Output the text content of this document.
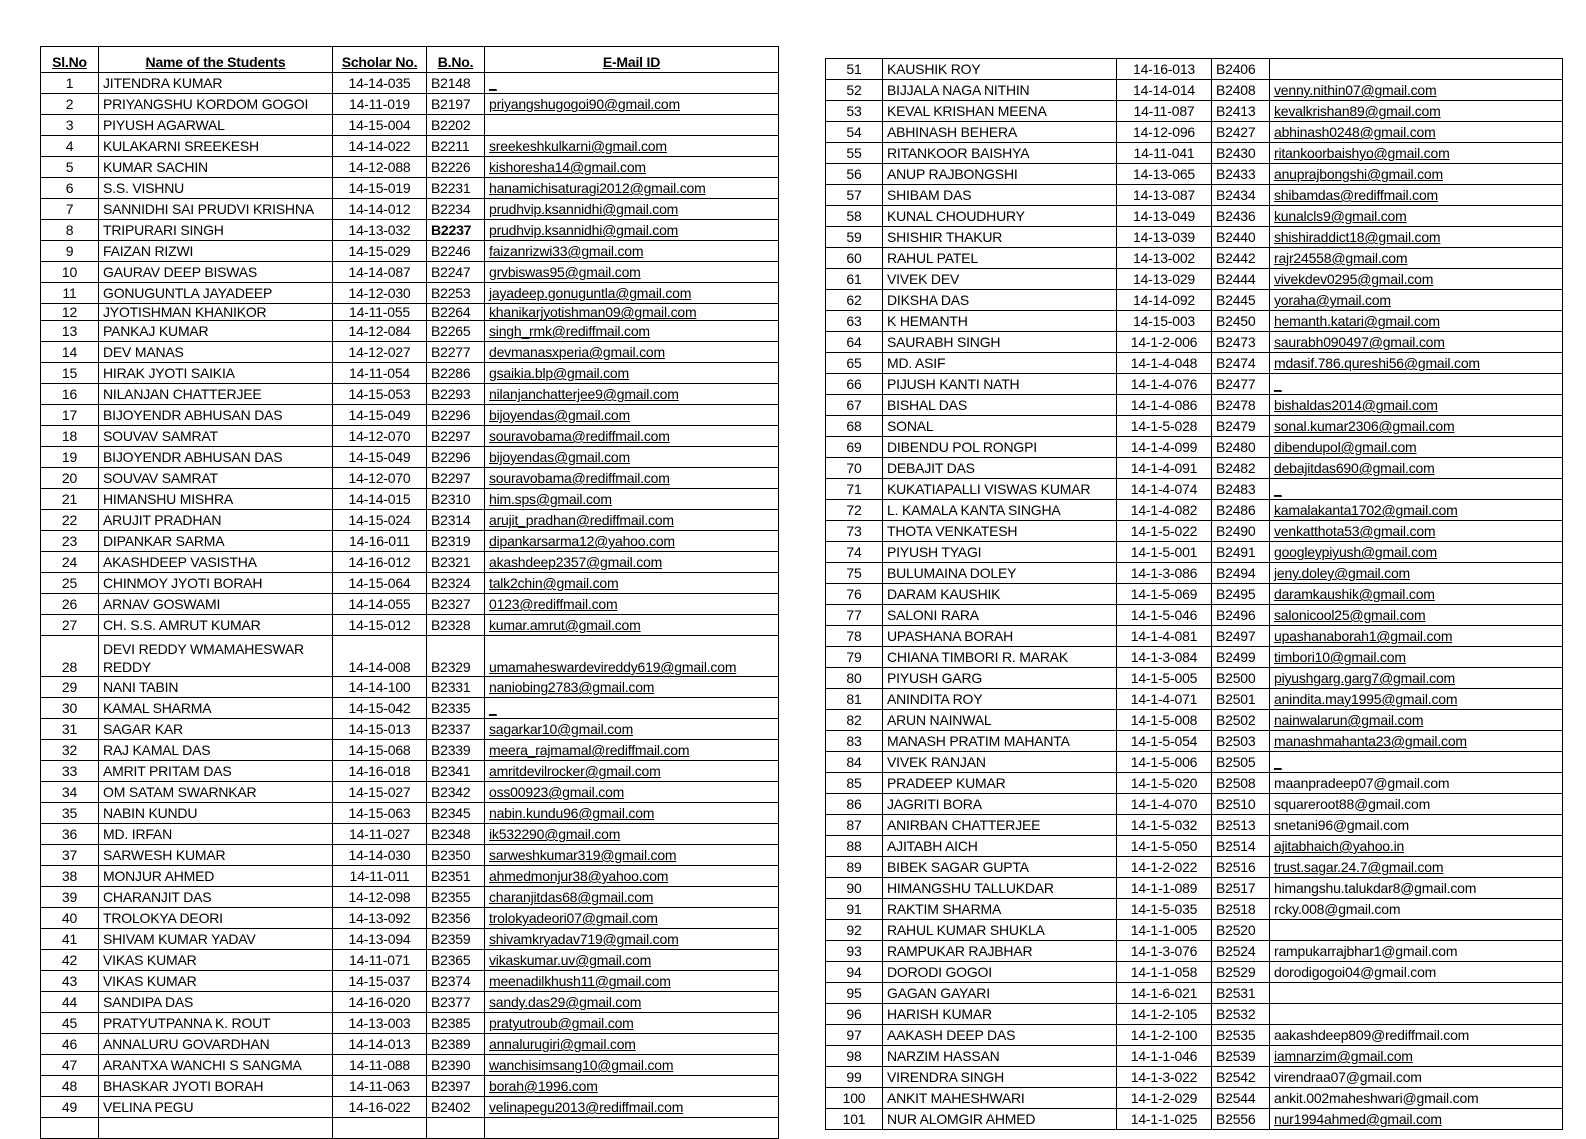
Sl.No	Name of the Students	Scholar No.	B.No.	E-Mail ID
1	JITENDRA KUMAR	14-14-035	B2148	_
2	PRIYANGSHU KORDOM GOGOI	14-11-019	B2197	priyangshugogoi90@gmail.com
3	PIYUSH AGARWAL	14-15-004	B2202	
4	KULAKARNI SREEKESH	14-14-022	B2211	sreekeshkulkarni@gmail.com
5	KUMAR SACHIN	14-12-088	B2226	kishoresha14@gmail.com
6	S.S. VISHNU	14-15-019	B2231	hanamichisaturagi2012@gmail.com
7	SANNIDHI SAI PRUDVI KRISHNA	14-14-012	B2234	prudhvip.ksannidhi@gmail.com
8	TRIPURARI SINGH	14-13-032	B2237	prudhvip.ksannidhi@gmail.com
9	FAIZAN RIZWI	14-15-029	B2246	faizanrizwi33@gmail.com
10	GAURAV DEEP BISWAS	14-14-087	B2247	grvbiswas95@gmail.com
11	GONUGUNTLA JAYADEEP	14-12-030	B2253	jayadeep.gonuguntla@gmail.com
12	JYOTISHMAN KHANIKOR	14-11-055	B2264	khanikarjyotishman09@gmail.com
13	PANKAJ KUMAR	14-12-084	B2265	singh_rmk@rediffmail.com
14	DEV MANAS	14-12-027	B2277	devmanasxperia@gmail.com
15	HIRAK JYOTI SAIKIA	14-11-054	B2286	gsaikia.blp@gmail.com
16	NILANJAN CHATTERJEE	14-15-053	B2293	nilanjanchatterjee9@gmail.com
17	BIJOYENDR ABHUSAN DAS	14-15-049	B2296	bijoyendas@gmail.com
18	SOUVAV SAMRAT	14-12-070	B2297	souravobama@rediffmail.com
19	BIJOYENDR ABHUSAN DAS	14-15-049	B2296	bijoyendas@gmail.com
20	SOUVAV SAMRAT	14-12-070	B2297	souravobama@rediffmail.com
21	HIMANSHU MISHRA	14-14-015	B2310	him.sps@gmail.com
22	ARUJIT PRADHAN	14-15-024	B2314	arujit_pradhan@rediffmail.com
23	DIPANKAR SARMA	14-16-011	B2319	dipankarsarma12@yahoo.com
24	AKASHDEEP VASISTHA	14-16-012	B2321	akashdeep2357@gmail.com
25	CHINMOY JYOTI BORAH	14-15-064	B2324	talk2chin@gmail.com
26	ARNAV GOSWAMI	14-14-055	B2327	0123@rediffmail.com
27	CH. S.S. AMRUT KUMAR	14-15-012	B2328	kumar.amrut@gmail.com
28	DEVI REDDY WMAMAHESWAR REDDY	14-14-008	B2329	umamaheswardevireddy619@gmail.com
29	NANI TABIN	14-14-100	B2331	naniobing2783@gmail.com
30	KAMAL SHARMA	14-15-042	B2335	_
31	SAGAR KAR	14-15-013	B2337	sagarkar10@gmail.com
32	RAJ KAMAL DAS	14-15-068	B2339	meera_rajmamal@rediffmail.com
33	AMRIT PRITAM DAS	14-16-018	B2341	amritdevilrocker@gmail.com
34	OM SATAM SWARNKAR	14-15-027	B2342	oss00923@gmail.com
35	NABIN KUNDU	14-15-063	B2345	nabin.kundu96@gmail.com
36	MD. IRFAN	14-11-027	B2348	ik532290@gmail.com
37	SARWESH KUMAR	14-14-030	B2350	sarweshkumar319@gmail.com
38	MONJUR AHMED	14-11-011	B2351	ahmedmonjur38@yahoo.com
39	CHARANJIT DAS	14-12-098	B2355	charanjitdas68@gmail.com
40	TROLOKYA DEORI	14-13-092	B2356	trolokyadeori07@gmail.com
41	SHIVAM KUMAR YADAV	14-13-094	B2359	shivamkryadav719@gmail.com
42	VIKAS KUMAR	14-11-071	B2365	vikaskumar.uv@gmail.com
43	VIKAS KUMAR	14-15-037	B2374	meenadilkhush11@gmail.com
44	SANDIPA DAS	14-16-020	B2377	sandy.das29@gmail.com
45	PRATYUTPANNA K. ROUT	14-13-003	B2385	pratyutroub@gmail.com
46	ANNALURU GOVARDHAN	14-14-013	B2389	annalurugiri@gmail.com
47	ARANTXA WANCHI S SANGMA	14-11-088	B2390	wanchisimsang10@gmail.com
48	BHASKAR JYOTI BORAH	14-11-063	B2397	borah@1996.com
49	VELINA PEGU	14-16-022	B2402	velinapegu2013@rediffmail.com

51	KAUSHIK ROY	14-16-013	B2406	
52	BIJJALA NAGA NITHIN	14-14-014	B2408	venny.nithin07@gmail.com
53	KEVAL KRISHAN MEENA	14-11-087	B2413	kevalkrishan89@gmail.com
54	ABHINASH BEHERA	14-12-096	B2427	abhinash0248@gmail.com
55	RITANKOOR BAISHYA	14-11-041	B2430	ritankoorbaishyo@gmail.com
56	ANUP RAJBONGSHI	14-13-065	B2433	anuprajbongshi@gmail.com
57	SHIBAM DAS	14-13-087	B2434	shibamdas@rediffmail.com
58	KUNAL CHOUDHURY	14-13-049	B2436	kunalcls9@gmail.com
59	SHISHIR THAKUR	14-13-039	B2440	shishiraddict18@gmail.com
60	RAHUL PATEL	14-13-002	B2442	rajr24558@gmail.com
61	VIVEK DEV	14-13-029	B2444	vivekdev0295@gmail.com
62	DIKSHA DAS	14-14-092	B2445	yoraha@ymail.com
63	K HEMANTH	14-15-003	B2450	hemanth.katari@gmail.com
64	SAURABH SINGH	14-1-2-006	B2473	saurabh090497@gmail.com
65	MD. ASIF	14-1-4-048	B2474	mdasif.786.qureshi56@gmail.com
66	PIJUSH KANTI NATH	14-1-4-076	B2477	_
67	BISHAL DAS	14-1-4-086	B2478	bishaldas2014@gmail.com
68	SONAL	14-1-5-028	B2479	sonal.kumar2306@gmail.com
69	DIBENDU POL RONGPI	14-1-4-099	B2480	dibendupol@gmail.com
70	DEBAJIT DAS	14-1-4-091	B2482	debajitdas690@gmail.com
71	KUKATIAPALLI VISWAS KUMAR	14-1-4-074	B2483	_
72	L. KAMALA KANTA SINGHA	14-1-4-082	B2486	kamalakanta1702@gmail.com
73	THOTA VENKATESH	14-1-5-022	B2490	venkatthota53@gmail.com
74	PIYUSH TYAGI	14-1-5-001	B2491	googleypiyush@gmail.com
75	BULUMAINA DOLEY	14-1-3-086	B2494	jeny.doley@gmail.com
76	DARAM KAUSHIK	14-1-5-069	B2495	daramkaushik@gmail.com
77	SALONI RARA	14-1-5-046	B2496	salonicool25@gmail.com
78	UPASHANA BORAH	14-1-4-081	B2497	upashanaborah1@gmail.com
79	CHIANA TIMBORI R. MARAK	14-1-3-084	B2499	timbori10@gmail.com
80	PIYUSH GARG	14-1-5-005	B2500	piyushgarg.garg7@gmail.com
81	ANINDITA ROY	14-1-4-071	B2501	anindita.may1995@gmail.com
82	ARUN NAINWAL	14-1-5-008	B2502	nainwalarun@gmail.com
83	MANASH PRATIM MAHANTA	14-1-5-054	B2503	manashmahanta23@gmail.com
84	VIVEK RANJAN	14-1-5-006	B2505	_
85	PRADEEP KUMAR	14-1-5-020	B2508	maanpradeep07@gmail.com
86	JAGRITI BORA	14-1-4-070	B2510	squareroot88@gmail.com
87	ANIRBAN CHATTERJEE	14-1-5-032	B2513	snetani96@gmail.com
88	AJITABH AICH	14-1-5-050	B2514	ajitabhaich@yahoo.in
89	BIBEK SAGAR GUPTA	14-1-2-022	B2516	trust.sagar.24.7@gmail.com
90	HIMANGSHU TALLUKDAR	14-1-1-089	B2517	himangshu.talukdar8@gmail.com
91	RAKTIM SHARMA	14-1-5-035	B2518	rcky.008@gmail.com
92	RAHUL KUMAR SHUKLA	14-1-1-005	B2520	
93	RAMPUKAR RAJBHAR	14-1-3-076	B2524	rampukarrajbhar1@gmail.com
94	DORODI GOGOI	14-1-1-058	B2529	dorodigogoi04@gmail.com
95	GAGAN GAYARI	14-1-6-021	B2531	
96	HARISH KUMAR	14-1-2-105	B2532	
97	AAKASH DEEP DAS	14-1-2-100	B2535	aakashdeep809@rediffmail.com
98	NARZIM HASSAN	14-1-1-046	B2539	iamnarzim@gmail.com
99	VIRENDRA SINGH	14-1-3-022	B2542	virendraa07@gmail.com
100	ANKIT MAHESHWARI	14-1-2-029	B2544	ankit.002maheshwari@gmail.com
101	NUR ALOMGIR AHMED	14-1-1-025	B2556	nur1994ahmed@gmail.com
